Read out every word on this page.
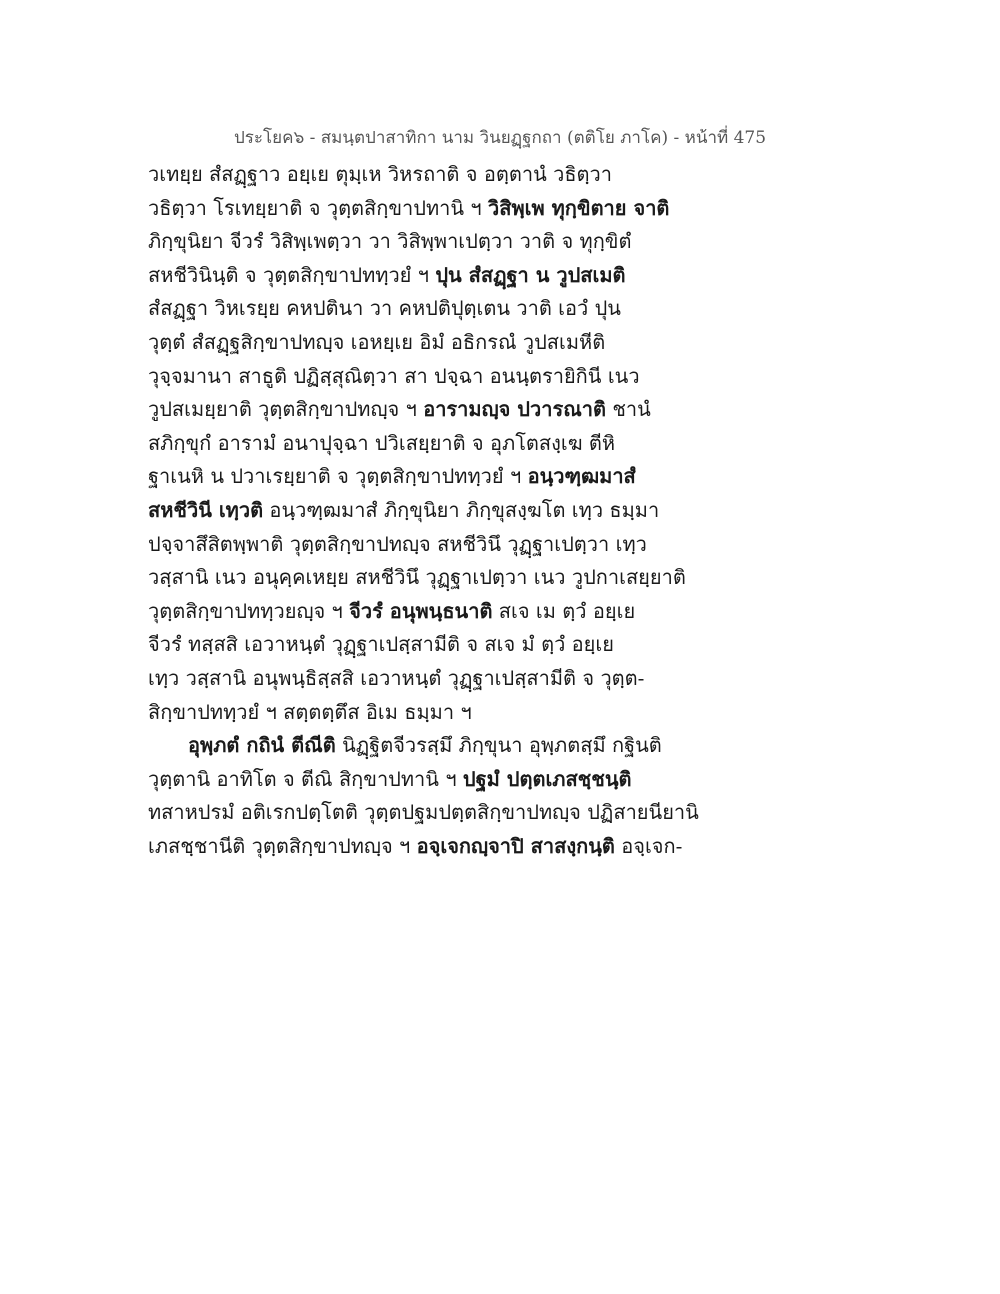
ประโยค๖ - สมนฺตปาสาทิกา นาม วินยฏฺฐกถา (ตติโย ภาโค) - หน้าที่ 475
วเทยฺย สํสฏฺฐาว อยฺเย ตุมฺเห วิหรถาติ จ อตฺตานํ วธิตฺวา
วธิตฺวา โรเทยฺยาติ จ วุตฺตสิกฺขาปทานิ ฯ วิสิพฺเพ ทุกฺขิตาย จาติ
ภิกฺขุนิยา จีวรํ วิสิพฺเพตฺวา วา วิสิพฺพาเปตฺวา วาติ จ ทุกฺขิตํ
สหชีวินินฺติ จ วุตฺตสิกฺขาปททฺวยํ ฯ ปุน สํสฏฺฐา น วูปสเมติ
สํสฏฺฐา วิหเรยฺย คหปตินา วา คหปติปุตฺเตน วาติ เอวํ ปุน
วุตฺตํ สํสฏฺฐสิกฺขาปทญฺจ เอหยฺเย อิมํ อธิกรณํ วูปสเมหีติ
วุจฺจมานา สาธูติ ปฏิสฺสุณิตฺวา สา ปจฺฉา อนนฺตรายิกินี เนว
วูปสเมยฺยาติ วุตฺตสิกฺขาปทญฺจ ฯ อารามญฺจ ปวารณาติ ชานํ
สภิกฺขุกํ อารามํ อนาปุจฺฉา ปวิเสยฺยาติ จ อุภโตสงฺเฆ ตีหิ
ฐาเนหิ น ปวาเรยฺยาติ จ วุตฺตสิกฺขาปททฺวยํ ฯ อนฺวฑฺฒมาสํ
สหชีวินี เทฺวติ อนฺวฑฺฒมาสํ ภิกฺขุนิยา ภิกฺขุสงฺฆโต เทฺว ธมฺมา
ปจฺจาสึสิตพฺพาติ วุตฺตสิกฺขาปทญฺจ สหชีวินึ วุฏฺฐาเปตฺวา เทฺว
วสฺสานิ เนว อนุคฺคเหยฺย สหชีวินึ วุฏฺฐาเปตฺวา เนว วูปกาเสยฺยาติ
วุตฺตสิกฺขาปททฺวยญฺจ ฯ จีวรํ อนุพนฺธนาติ สเจ เม ตฺวํ อยฺเย
จีวรํ ทสฺสสิ เอวาหนฺตํ วุฏฺฐาเปสฺสามีติ จ สเจ มํ ตฺวํ อยฺเย
เทฺว วสฺสานิ อนุพนฺธิสฺสสิ เอวาหนฺตํ วุฏฺฐาเปสฺสามีติ จ วุตฺต-
สิกฺขาปททฺวยํ ฯ สตฺตตฺตึส อิเม ธมฺมา ฯ
อุพฺภตํ กถินํ ตีณีติ นิฏฺฐิตจีวรสฺมึ ภิกฺขุนา อุพฺภตสฺมึ กฐินติ
วุตฺตานิ อาทิโต จ ตีณิ สิกฺขาปทานิ ฯ ปฐมํ ปตฺตเภสชฺชนฺติ
ทสาหปรมํ อติเรกปตฺโตติ วุตฺตปฐมปตฺตสิกฺขาปทญฺจ ปฏิสายนียานิ
เภสชฺชานีติ วุตฺตสิกฺขาปทญฺจ ฯ อจฺเจกญฺจาปิ สาสงฺกนฺติ อจฺเจก-
